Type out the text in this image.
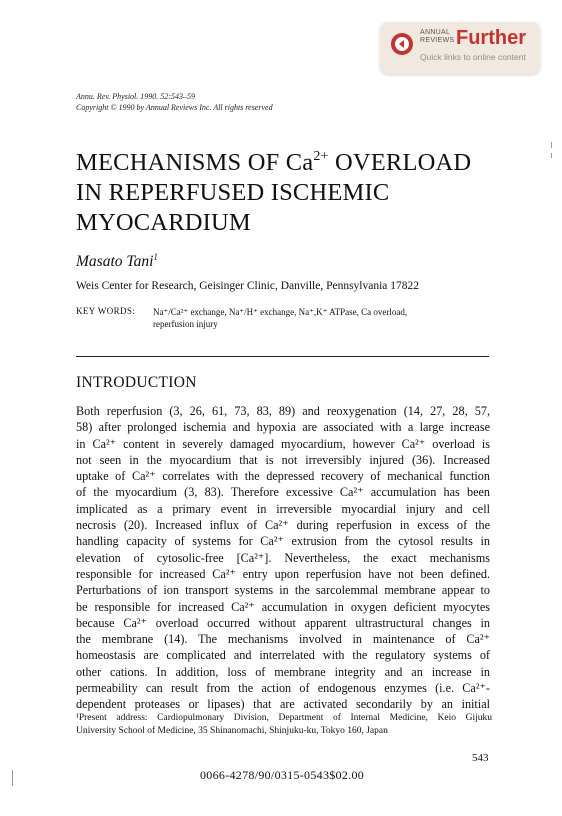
ANNUAL
REVIEWS Further
Quick links to online content
Annu. Rev. Physiol. 1990. 52:543–59
Copyright © 1990 by Annual Reviews Inc. All rights reserved
MECHANISMS OF $Ca^{2+}$ OVERLOAD
IN REPERFUSED ISCHEMIC
MYOCARDIUM
Masato Tani$^1$
Weis Center for Research, Geisinger Clinic, Danville, Pennsylvania 17822
KEY WORDS: Na⁺/Ca²⁺ exchange, Na⁺/H⁺ exchange, Na⁺,K⁺ ATPase, Ca overload,
reperfusion injury
INTRODUCTION
Both reperfusion (3, 26, 61, 73, 83, 89) and reoxygenation (14, 27, 28, 57,
58) after prolonged ischemia and hypoxia are associated with a large increase
in Ca²⁺ content in severely damaged myocardium, however Ca²⁺ overload is
not seen in the myocardium that is not irreversibly injured (36). Increased
uptake of Ca²⁺ correlates with the depressed recovery of mechanical function
of the myocardium (3, 83). Therefore excessive Ca²⁺ accumulation has been
implicated as a primary event in irreversible myocardial injury and cell
necrosis (20). Increased influx of Ca²⁺ during reperfusion in excess of the
handling capacity of systems for Ca²⁺ extrusion from the cytosol results in
elevation of cytosolic-free [Ca²⁺]. Nevertheless, the exact mechanisms
responsible for increased Ca²⁺ entry upon reperfusion have not been defined.
Perturbations of ion transport systems in the sarcolemmal membrane appear to
be responsible for increased Ca²⁺ accumulation in oxygen deficient myocytes
because Ca²⁺ overload occurred without apparent ultrastructural changes in
the membrane (14). The mechanisms involved in maintenance of Ca²⁺
homeostasis are complicated and interrelated with the regulatory systems of
other cations. In addition, loss of membrane integrity and an increase in
permeability can result from the action of endogenous enzymes (i.e. Ca²⁺-
dependent proteases or lipases) that are activated secondarily by an initial
¹Present address: Cardiopulmonary Division, Department of Internal Medicine, Keio Gijuku
University School of Medicine, 35 Shinanomachi, Shinjuku-ku, Tokyo 160, Japan
543
0066-4278/90/0315-0543$02.00
